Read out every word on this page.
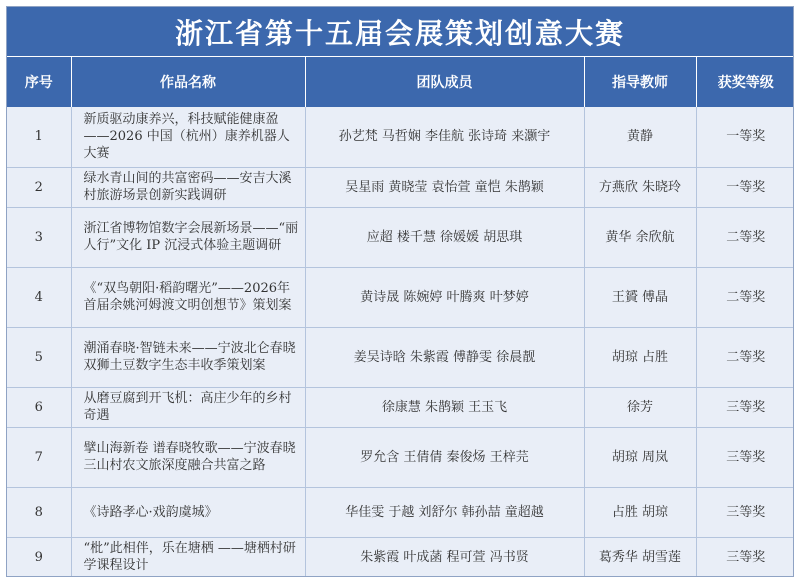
浙江省第十五届会展策划创意大赛
序号	作品名称	团队成员	指导教师	获奖等级
1	新质驱动康养兴，科技赋能健康盈——2026 中国（杭州）康养机器人大赛	孙艺梵 马哲娴 李佳航 张诗琦 来灏宇	黄静	一等奖
2	绿水青山间的共富密码——安吉大溪村旅游场景创新实践调研	吴星雨 黄晓莹 袁怡萱 童恺 朱鹊颖	方燕欣 朱晓玲	一等奖
3	浙江省博物馆数字会展新场景——“丽人行”文化 IP 沉浸式体验主题调研	应超 楼千慧 徐媛媛 胡思琪	黄华 余欣航	二等奖
4	《“双鸟朝阳·稻韵曙光”——2026年首届余姚河姆渡文明创想节》策划案	黄诗晟 陈婉婷 叶腾爽 叶梦婷	王贇 傅晶	二等奖
5	潮涌春晓·智链未来——宁波北仑春晓双狮土豆数字生态丰收季策划案	姜吴诗晗 朱紫霞 傅静雯 徐晨靓	胡琼 占胜	二等奖
6	从磨豆腐到开飞机：高庄少年的乡村奇遇	徐康慧 朱鹊颖 王玉飞	徐芳	三等奖
7	擘山海新卷 谱春晓牧歌——宁波春晓三山村农文旅深度融合共富之路	罗允含 王倩倩 秦俊炀 王梓芫	胡琼 周岚	三等奖
8	《诗路孝心·戏韵虞城》	华佳雯 于越 刘舒尔 韩孙喆 童超越	占胜 胡琼	三等奖
9	“枇”此相伴，乐在塘栖 ——塘栖村研学课程设计	朱紫霞 叶成菡 程可萱 冯书贤	葛秀华 胡雪莲	三等奖
